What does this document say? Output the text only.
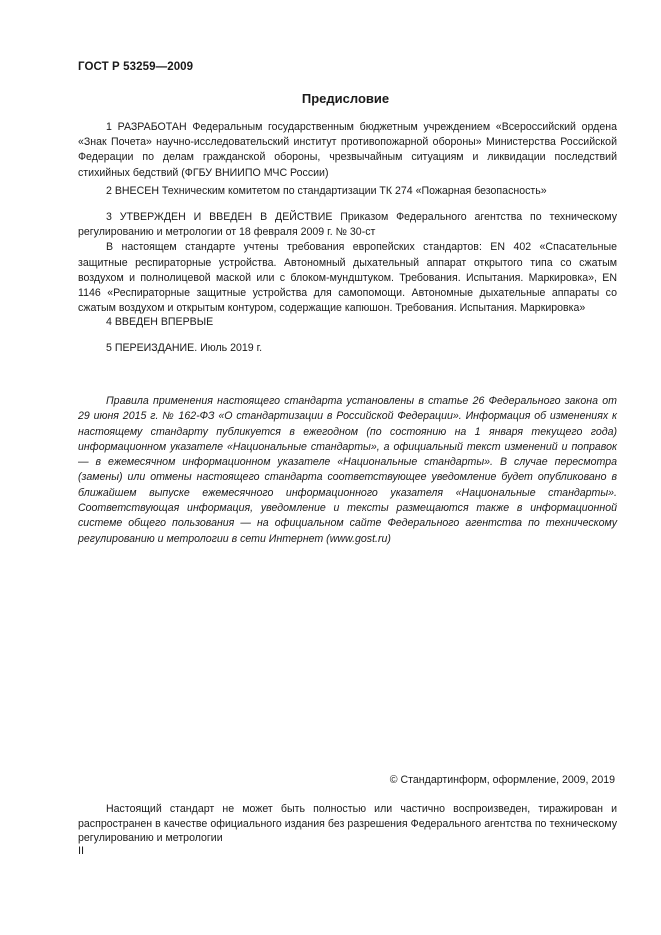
ГОСТ Р 53259—2009
Предисловие

1 РАЗРАБОТАН Федеральным государственным бюджетным учреждением «Всероссийский ордена «Знак Почета» научно-исследовательский институт противопожарной обороны» Министерства Российской Федерации по делам гражданской обороны, чрезвычайным ситуациям и ликвидации последствий стихийных бедствий (ФГБУ ВНИИПО МЧС России)

2 ВНЕСЕН Техническим комитетом по стандартизации ТК 274 «Пожарная безопасность»

3 УТВЕРЖДЕН И ВВЕДЕН В ДЕЙСТВИЕ Приказом Федерального агентства по техническому регулированию и метрологии от 18 февраля 2009 г. № 30-ст

В настоящем стандарте учтены требования европейских стандартов: EN 402 «Спасательные защитные респираторные устройства. Автономный дыхательный аппарат открытого типа со сжатым воздухом и полнолицевой маской или с блоком-мундштуком. Требования. Испытания. Маркировка», EN 1146 «Респираторные защитные устройства для самопомощи. Автономные дыхательные аппараты со сжатым воздухом и открытым контуром, содержащие капюшон. Требования. Испытания. Маркировка»

4 ВВЕДЕН ВПЕРВЫЕ

5 ПЕРЕИЗДАНИЕ. Июль 2019 г.

Правила применения настоящего стандарта установлены в статье 26 Федерального закона от 29 июня 2015 г. № 162-ФЗ «О стандартизации в Российской Федерации». Информация об изменениях к настоящему стандарту публикуется в ежегодном (по состоянию на 1 января текущего года) информационном указателе «Национальные стандарты», а официальный текст изменений и поправок — в ежемесячном информационном указателе «Национальные стандарты». В случае пересмотра (замены) или отмены настоящего стандарта соответствующее уведомление будет опубликовано в ближайшем выпуске ежемесячного информационного указателя «Национальные стандарты». Соответствующая информация, уведомление и тексты размещаются также в информационной системе общего пользования — на официальном сайте Федерального агентства по техническому регулированию и метрологии в сети Интернет (www.gost.ru)

© Стандартинформ, оформление, 2009, 2019

Настоящий стандарт не может быть полностью или частично воспроизведен, тиражирован и распространен в качестве официального издания без разрешения Федерального агентства по техническому регулированию и метрологии

II
